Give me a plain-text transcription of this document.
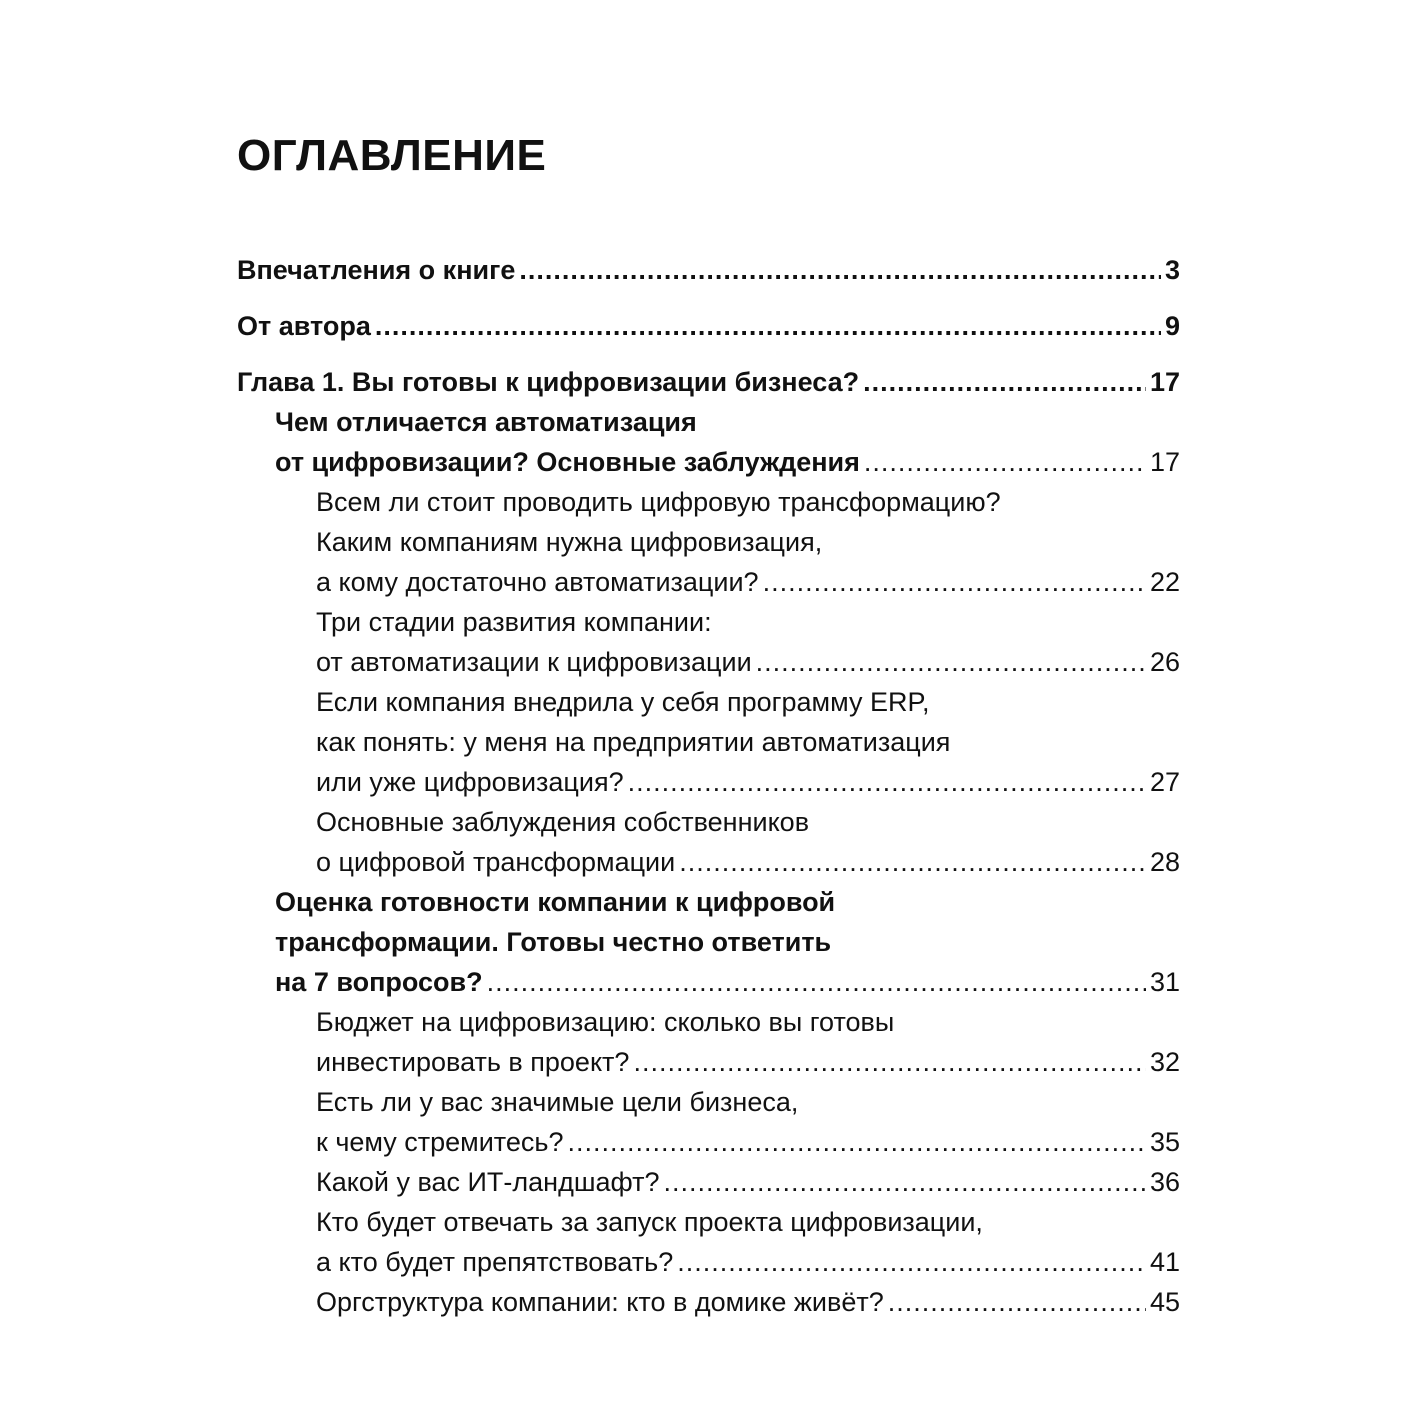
ОГЛАВЛЕНИЕ
Впечатления о книге .....	3
От автора .....	9
Глава 1. Вы готовы к цифровизации бизнеса? .....	17
Чем отличается автоматизация
от цифровизации? Основные заблуждения .....	17
Всем ли стоит проводить цифровую трансформацию?
Каким компаниям нужна цифровизация,
а кому достаточно автоматизации? .....	22
Три стадии развития компании:
от автоматизации к цифровизации .....	26
Если компания внедрила у себя программу ERP,
как понять: у меня на предприятии автоматизация
или уже цифровизация? .....	27
Основные заблуждения собственников
о цифровой трансформации .....	28
Оценка готовности компании к цифровой
трансформации. Готовы честно ответить
на 7 вопросов? .....	31
Бюджет на цифровизацию: сколько вы готовы
инвестировать в проект? .....	32
Есть ли у вас значимые цели бизнеса,
к чему стремитесь? .....	35
Какой у вас ИТ-ландшафт? .....	36
Кто будет отвечать за запуск проекта цифровизации,
а кто будет препятствовать? .....	41
Оргструктура компании: кто в домике живёт? .....	45
